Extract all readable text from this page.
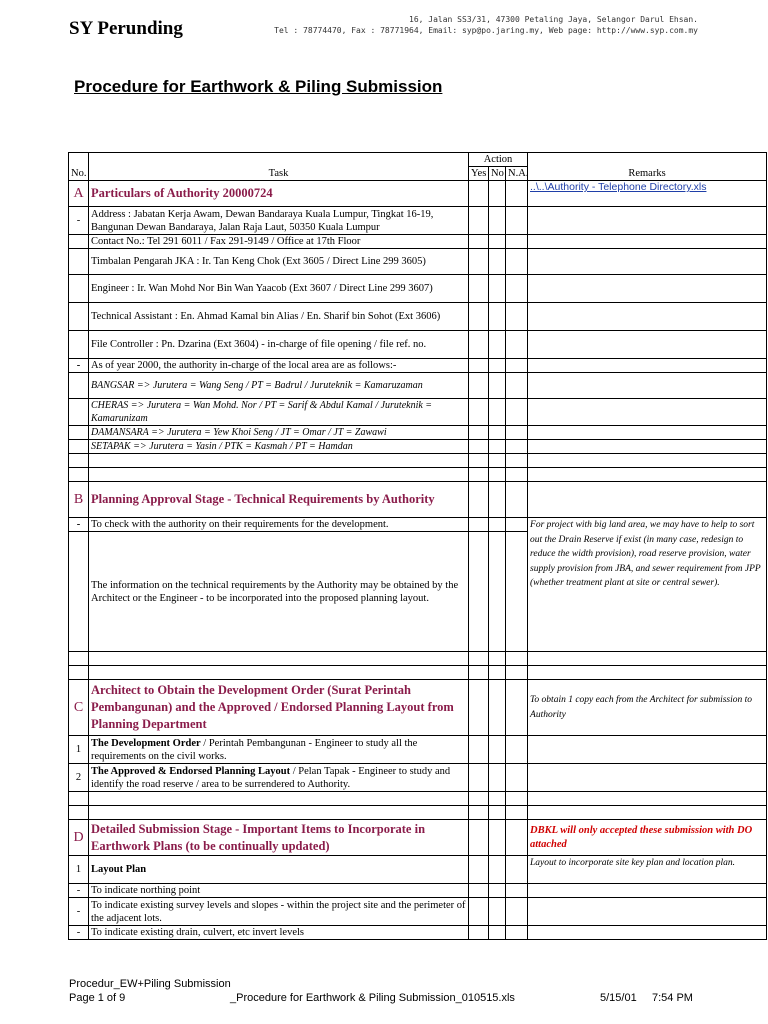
SY Perunding	16, Jalan SS3/31, 47300 Petaling Jaya, Selangor Darul Ehsan.
Tel : 78774470, Fax : 78771964, Email: syp@po.jaring.my, Web page: http://www.syp.com.my
Procedure for Earthwork & Piling Submission
No.	Task	Action			Remarks
		Yes	No	N.A.	
A	Particulars of Authority 20000724				..\..\Authority - Telephone Directory.xls
-	Address : Jabatan Kerja Awam, Dewan Bandaraya Kuala Lumpur, Tingkat 16-19, Bangunan Dewan Bandaraya, Jalan Raja Laut, 50350 Kuala Lumpur				
	Contact No.: Tel 291 6011 / Fax 291-9149 / Office at 17th Floor				
	Timbalan Pengarah JKA : Ir. Tan Keng Chok (Ext 3605 / Direct Line 299 3605)				
	Engineer : Ir. Wan Mohd Nor Bin Wan Yaacob (Ext 3607 / Direct Line 299 3607)				
	Technical Assistant : En. Ahmad Kamal bin Alias / En. Sharif bin Sohot (Ext 3606)				
	File Controller : Pn. Dzarina (Ext 3604) - in-charge of file opening / file ref. no.				
-	As of year 2000, the authority in-charge of the local area are as follows:-				
	BANGSAR => Jurutera = Wang Seng / PT = Badrul / Juruteknik = Kamaruzaman				
	CHERAS => Jurutera = Wan Mohd. Nor / PT = Sarif & Abdul Kamal / Juruteknik = Kamarunizam				
	DAMANSARA => Jurutera = Yew Khoi Seng / JT = Omar / JT = Zawawi				
	SETAPAK => Jurutera = Yasin / PTK = Kasmah / PT = Hamdan				

B	Planning Approval Stage - Technical Requirements by Authority				
-	To check with the authority on their requirements for the development.				For project with big land area, we may have to help to sort out the Drain Reserve if exist (in many case, redesign to reduce the width provision), road reserve provision, water supply provision from JBA, and sewer requirement from JPP (whether treatment plant at site or central sewer).
	The information on the technical requirements by the Authority may be obtained by the Architect or the Engineer - to be incorporated into the proposed planning layout.				

C	Architect to Obtain the Development Order (Surat Perintah Pembangunan) and the Approved / Endorsed Planning Layout from Planning Department				To obtain 1 copy each from the Architect for submission to Authority
1	The Development Order / Perintah Pembangunan - Engineer to study all the requirements on the civil works.				
2	The Approved & Endorsed Planning Layout / Pelan Tapak - Engineer to study and identify the road reserve / area to be surrendered to Authority.				

D	Detailed Submission Stage - Important Items to Incorporate in Earthwork Plans (to be continually updated)				DBKL will only accepted these submission with DO attached
1	Layout Plan				Layout to incorporate site key plan and location plan.
-	To indicate northing point				
-	To indicate existing survey levels and slopes - within the project site and the perimeter of the adjacent lots.				
-	To indicate existing drain, culvert, etc invert levels				
Procedur_EW+Piling Submission
Page 1 of 9	_Procedure for Earthwork & Piling Submission_010515.xls	5/15/01 7:54 PM
